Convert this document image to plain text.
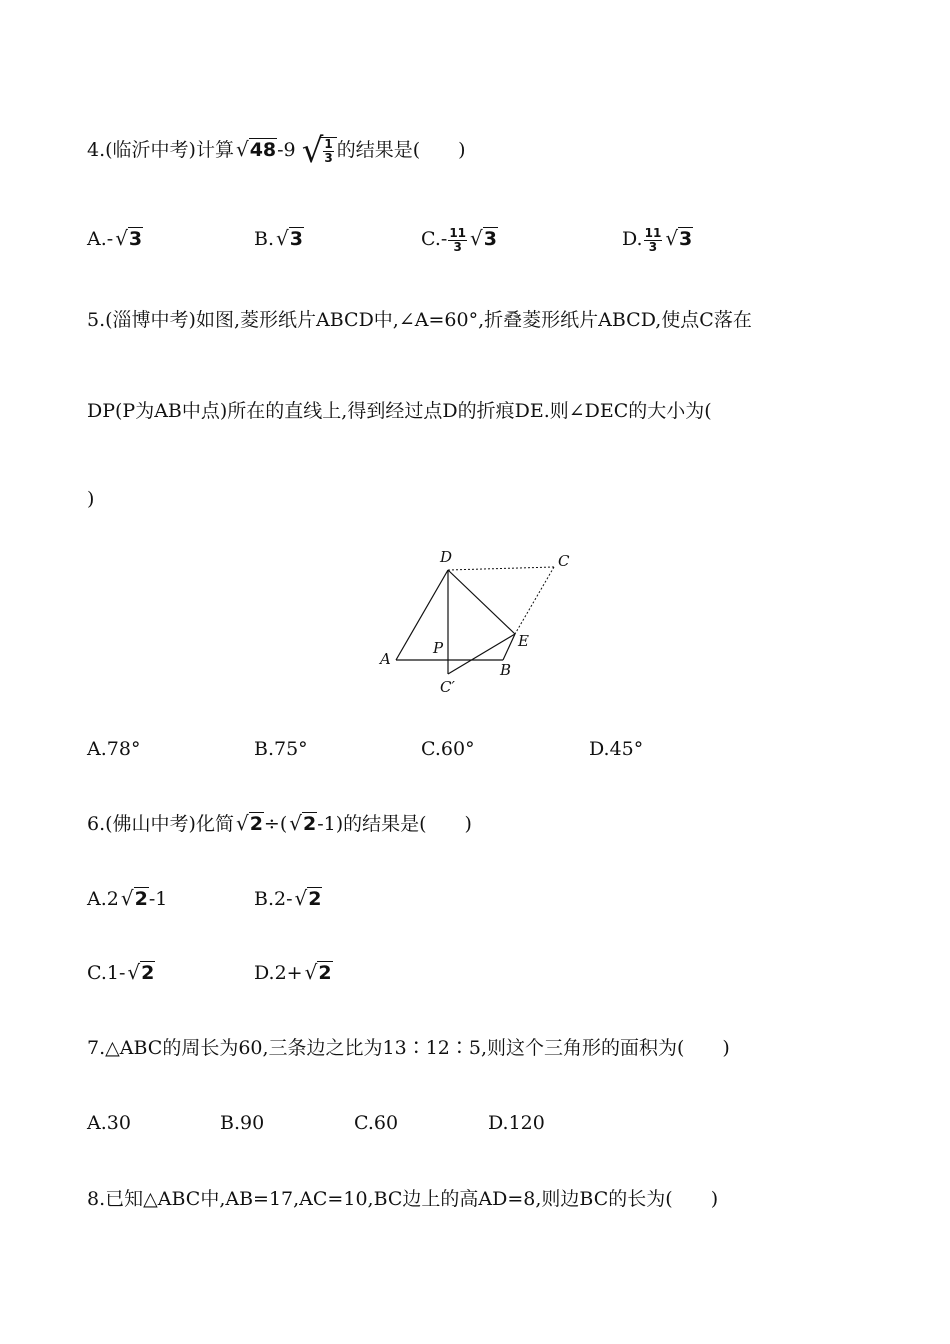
4.(临沂中考)计算 √48-9 √ $\frac{1}{3}$ 的结果是(　　)
A.- √3	B. √3	$C.- \frac{11}{3} √3$	D. $\frac{11}{3} √3$
5.(淄博中考)如图,菱形纸片ABCD中,∠A=60°,折叠菱形纸片ABCD,使点C落在
DP(P为AB中点)所在的直线上,得到经过点D的折痕DE.则∠DEC的大小为(
)
D	C
A
P
B
E
C′
A.78°	B.75°	C.60°	D.45°
6.(佛山中考)化简 √2÷( √2-1)的结果是(　　)
A.2 √2-1	B.2- √2
C.1- √2	D.2+ √2
7.△ABC的周长为60,三条边之比为13∶12∶5,则这个三角形的面积为(　　)
A.30	B.90	C.60	D.120
8.已知△ABC中,AB=17,AC=10,BC边上的高AD=8,则边BC的长为(　　)
